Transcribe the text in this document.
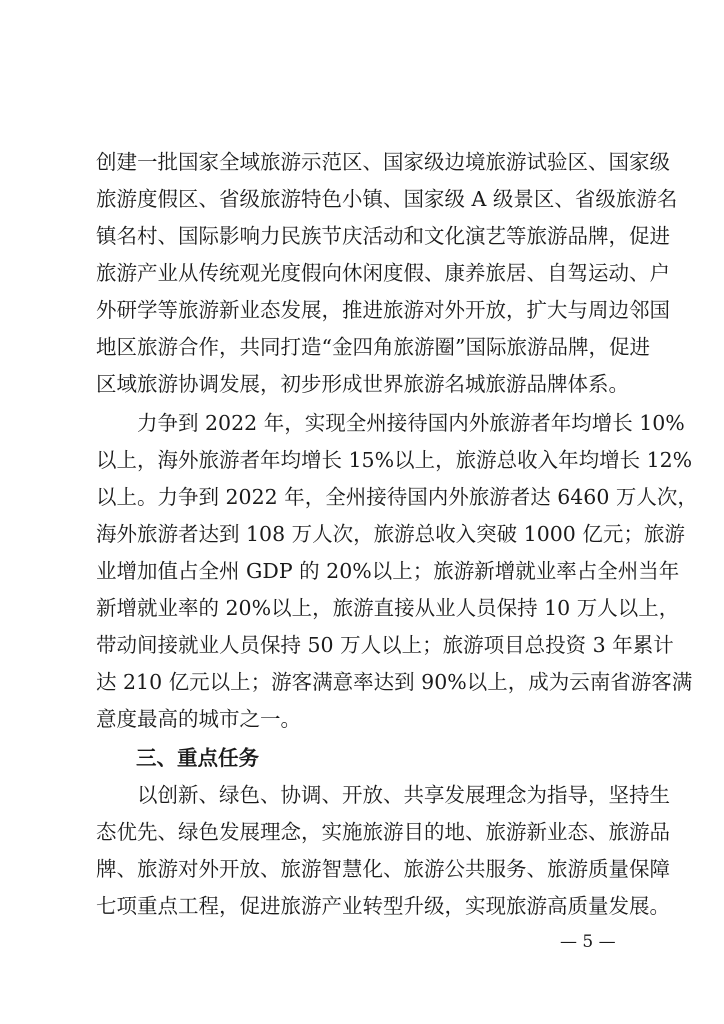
创建一批国家全域旅游示范区、国家级边境旅游试验区、国家级
旅游度假区、省级旅游特色小镇、国家级 A 级景区、省级旅游名
镇名村、国际影响力民族节庆活动和文化演艺等旅游品牌，促进
旅游产业从传统观光度假向休闲度假、康养旅居、自驾运动、户
外研学等旅游新业态发展，推进旅游对外开放，扩大与周边邻国
地区旅游合作，共同打造“金四角旅游圈”国际旅游品牌，促进
区域旅游协调发展，初步形成世界旅游名城旅游品牌体系。
力争到 2022 年，实现全州接待国内外旅游者年均增长 10%
以上，海外旅游者年均增长 15%以上，旅游总收入年均增长 12%
以上。力争到 2022 年，全州接待国内外旅游者达 6460 万人次，
海外旅游者达到 108 万人次，旅游总收入突破 1000 亿元；旅游
业增加值占全州 GDP 的 20%以上；旅游新增就业率占全州当年
新增就业率的 20%以上，旅游直接从业人员保持 10 万人以上，
带动间接就业人员保持 50 万人以上；旅游项目总投资 3 年累计
达 210 亿元以上；游客满意率达到 90%以上，成为云南省游客满
意度最高的城市之一。
三、重点任务
以创新、绿色、协调、开放、共享发展理念为指导，坚持生
态优先、绿色发展理念，实施旅游目的地、旅游新业态、旅游品
牌、旅游对外开放、旅游智慧化、旅游公共服务、旅游质量保障
七项重点工程，促进旅游产业转型升级，实现旅游高质量发展。
— 5 —
